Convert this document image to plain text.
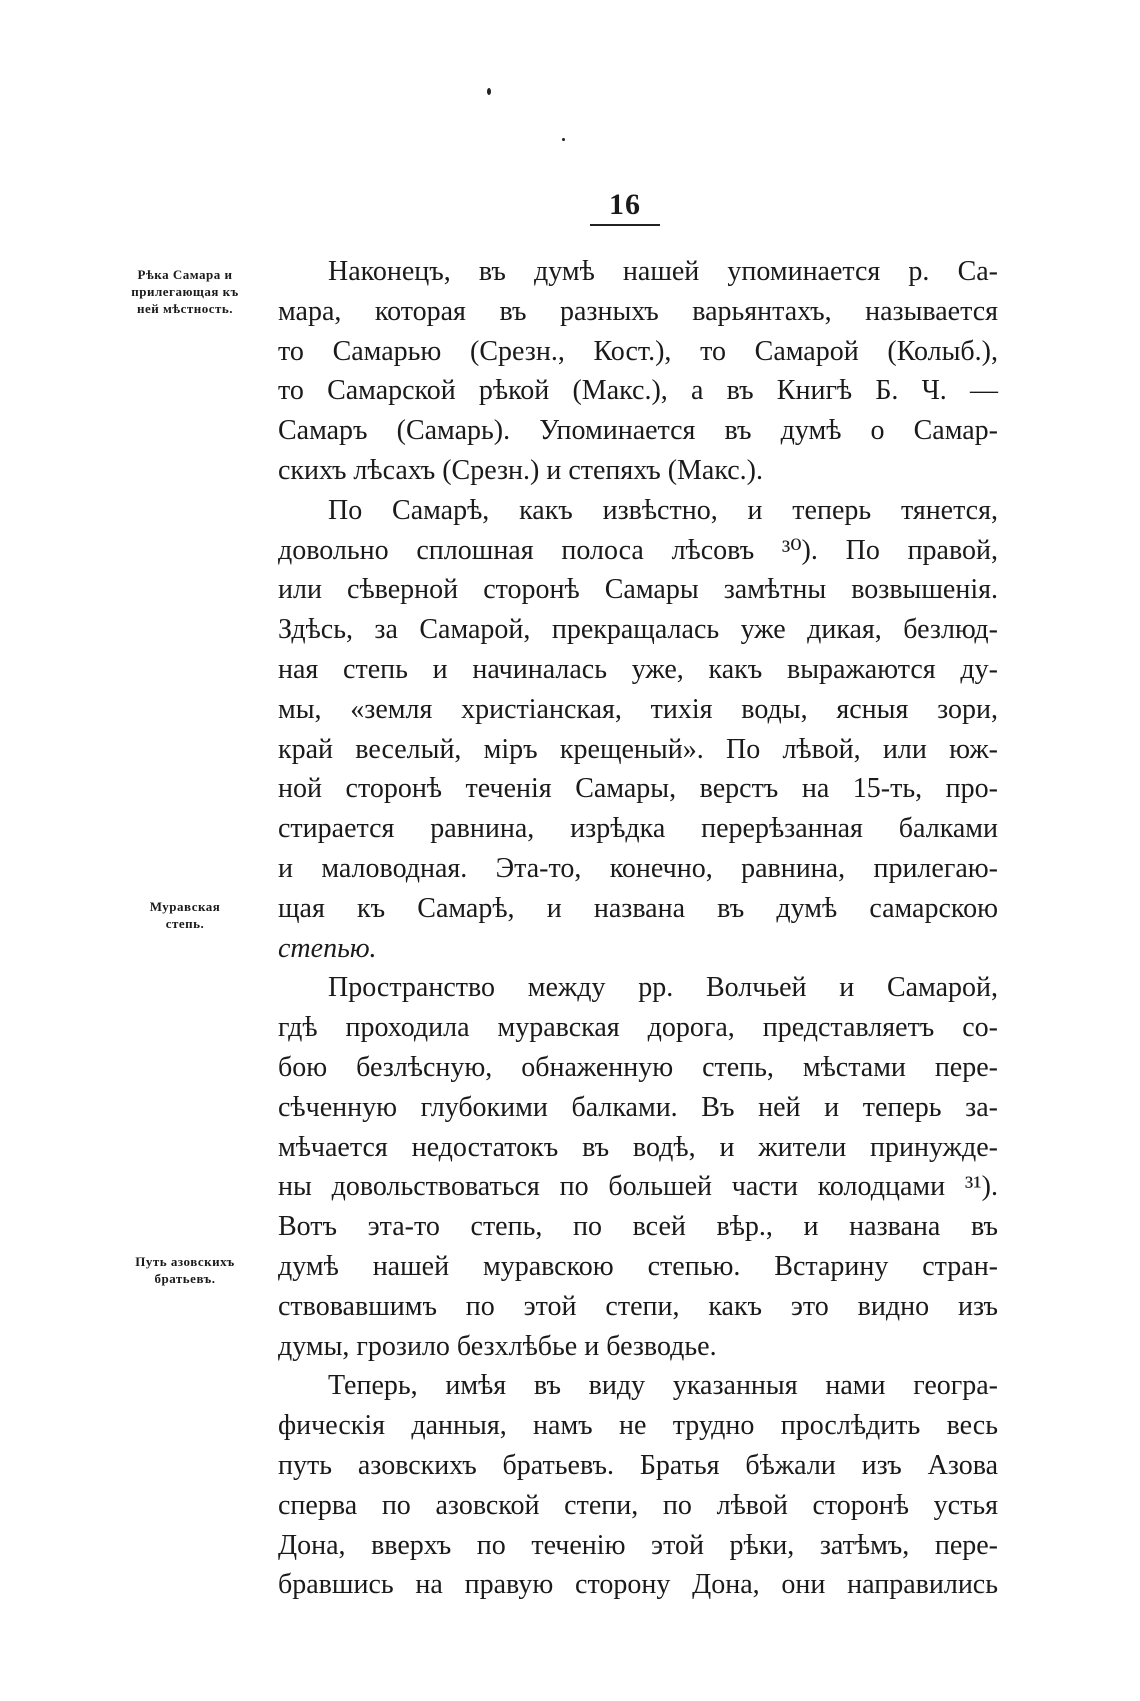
16
Рѣка Самара и
прилегающая къ
ней мѣстность.
Муравская
степь.
Путь азовскихъ
братьевъ.

Наконецъ, въ думѣ нашей упоминается р. Са-
мара, которая въ разныхъ варьянтахъ, называется
то Самарью (Срезн., Кост.), то Самарой (Колыб.),
то Самарской рѣкой (Макс.), а въ Книгѣ Б. Ч. —
Самаръ (Самарь). Упоминается въ думѣ о Самар-
скихъ лѣсахъ (Срезн.) и степяхъ (Макс.).

По Самарѣ, какъ извѣстно, и теперь тянется,
довольно сплошная полоса лѣсовъ ³⁰). По правой,
или сѣверной сторонѣ Самары замѣтны возвышенія.
Здѣсь, за Самарой, прекращалась уже дикая, безлюд-
ная степь и начиналась уже, какъ выражаются ду-
мы, «земля христіанская, тихія воды, ясныя зори,
край веселый, міръ крещеный». По лѣвой, или юж-
ной сторонѣ теченія Самары, верстъ на 15-ть, про-
стирается равнина, изрѣдка перерѣзанная балками
и маловодная. Эта-то, конечно, равнина, прилегаю-
щая къ Самарѣ, и названа въ думѣ самарскою
степью.

Пространство между рр. Волчьей и Самарой,
гдѣ проходила муравская дорога, представляетъ со-
бою безлѣсную, обнаженную степь, мѣстами пере-
сѣченную глубокими балками. Въ ней и теперь за-
мѣчается недостатокъ въ водѣ, и жители принужде-
ны довольствоваться по большей части колодцами ³¹).
Вотъ эта-то степь, по всей вѣр., и названа въ
думѣ нашей муравскою степью. Встарину стран-
ствовавшимъ по этой степи, какъ это видно изъ
думы, грозило безхлѣбье и безводье.

Теперь, имѣя въ виду указанныя нами геогра-
фическія данныя, намъ не трудно прослѣдить весь
путь азовскихъ братьевъ. Братья бѣжали изъ Азова
сперва по азовской степи, по лѣвой сторонѣ устья
Дона, вверхъ по теченію этой рѣки, затѣмъ, пере-
бравшись на правую сторону Дона, они направились
